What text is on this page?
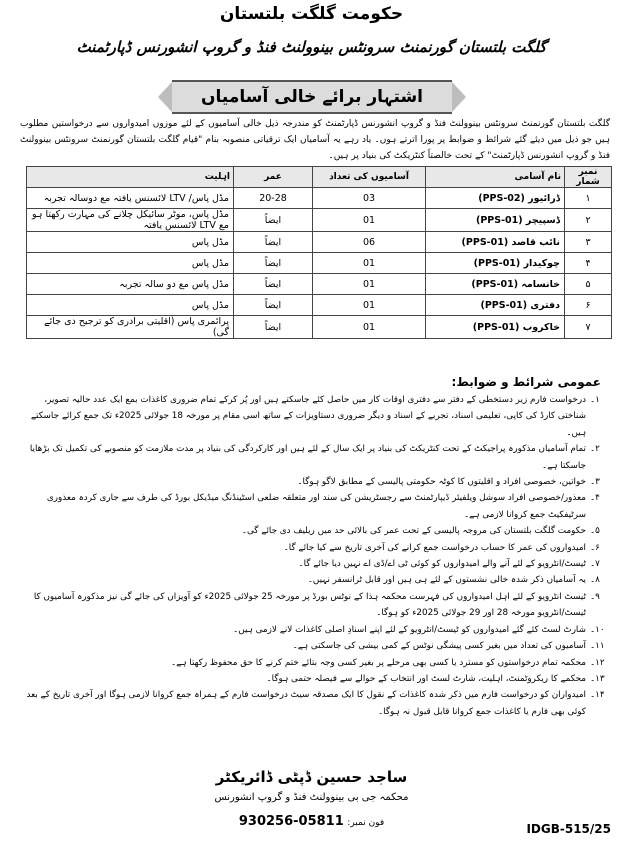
حکومت گلگت بلتستان
گلگت بلتستان گورنمنٹ سرونٹس بینوولنٹ فنڈ و گروپ انشورنس ڈپارٹمنٹ
اشتہار برائے خالی آسامیاں
گلگت بلتستان گورنمنٹ سرونٹس بینوولنٹ فنڈ و گروپ انشورنس ڈپارٹمنٹ کو مندرجہ ذیل خالی آسامیوں کے لئے موزوں امیدواروں سے درخواستیں مطلوب ہیں جو ذیل میں دیئے گئے شرائط و ضوابط پر پورا اترتے ہوں۔ یاد رہے یہ آسامیاں ایک ترقیاتی منصوبہ بنام "قیام گلگت بلتستان گورنمنٹ سرونٹس بینوولنٹ فنڈ و گروپ انشورنس ڈپارٹمنٹ" کے تحت خالصتاً کنٹریکٹ کی بنیاد پر ہیں۔
نمبر شمار	نام آسامی	آسامیوں کی تعداد	عمر	اہلیت
۱	ڈرائیور (PPS-02)	03	20-28	مڈل پاس/ LTV لائسنس یافتہ مع دوسالہ تجربہ
۲	ڈسپیچر (PPS-01)	01	ایضاً	مڈل پاس، موٹر سائیکل چلانے کی مہارت رکھتا ہو مع LTV لائسنس یافتہ
۳	نائب قاصد (PPS-01)	06	ایضاً	مڈل پاس
۴	چوکیدار (PPS-01)	01	ایضاً	مڈل پاس
۵	خانسامہ (PPS-01)	01	ایضاً	مڈل پاس مع دو سالہ تجربہ
۶	دفتری (PPS-01)	01	ایضاً	مڈل پاس
۷	خاکروب (PPS-01)	01	ایضاً	پرائمری پاس (اقلیتی برادری کو ترجیح دی جائے گی)
عمومی شرائط و ضوابط:
۱۔
درخواست فارم زیر دستخطی کے دفتر سے دفتری اوقات کار میں حاصل کئے جاسکتے ہیں اور پُر کرکے تمام ضروری کاغذات بمع ایک عدد حالیہ تصویر، شناختی کارڈ کی کاپی، تعلیمی اسناد، تجربے کے اسناد و دیگر ضروری دستاویزات کے ساتھ اسی مقام پر مورخہ 18 جولائی 2025ء تک جمع کرائے جاسکتے ہیں۔
۲۔
تمام آسامیاں مذکورہ پراجیکٹ کے تحت کنٹریکٹ کی بنیاد پر ایک سال کے لئے ہیں اور کارکردگی کی بنیاد پر مدت ملازمت کو منصوبے کی تکمیل تک بڑھایا جاسکتا ہے۔
۳۔
خواتین، خصوصی افراد و اقلیتوں کا کوٹہ حکومتی پالیسی کے مطابق لاگو ہوگا۔
۴۔
معذور/خصوصی افراد سوشل ویلفیئر ڈیپارٹمنٹ سے رجسٹریشن کی سند اور متعلقہ ضلعی اسٹینڈنگ میڈیکل بورڈ کی طرف سے جاری کردہ معذوری سرٹیفکیٹ جمع کروانا لازمی ہے۔
۵۔
حکومت گلگت بلتستان کی مروجہ پالیسی کے تحت عمر کی بالائی حد میں ریلیف دی جائے گی۔
۶۔
امیدواروں کی عمر کا حساب درخواست جمع کرانے کی آخری تاریخ سے کیا جائے گا۔
۷۔
ٹیسٹ/انٹرویو کے لئے آنے والے امیدواروں کو کوئی ٹی اے/ڈی اے نہیں دیا جائے گا۔
۸۔
یہ آسامیاں ذکر شدہ خالی نشستوں کے لئے ہی ہیں اور قابل ٹرانسفر نہیں۔
۹۔
ٹیسٹ انٹرویو کے لئے اہل امیدواروں کی فہرست محکمہ ہذا کے نوٹس بورڈ پر مورخہ 25 جولائی 2025ء کو آویزاں کی جائے گی نیز مذکورہ آسامیوں کا ٹیسٹ/انٹرویو مورخہ 28 اور 29 جولائی 2025ء کو ہوگا۔
۱۰۔
شارٹ لسٹ کئے گئے امیدواروں کو ٹیسٹ/انٹرویو کے لئے اپنے اسنادِ اصلی کاغذات لانے لازمی ہیں۔
۱۱۔
آسامیوں کی تعداد میں بغیر کسی پیشگی نوٹس کے کمی بیشی کی جاسکتی ہے۔
۱۲۔
محکمہ تمام درخواستوں کو مسترد یا کسی بھی مرحلے پر بغیر کسی وجہ بتائے ختم کرنے کا حق محفوظ رکھتا ہے۔
۱۳۔
محکمے کا ریکروٹمنٹ، اہلیت، شارٹ لسٹ اور انتخاب کے حوالے سے فیصلہ حتمی ہوگا۔
۱۴۔
امیدواران کو درخواست فارم میں ذکر شدہ کاغذات کے نقول کا ایک مصدقہ سیٹ درخواست فارم کے ہمراہ جمع کروانا لازمی ہوگا اور آخری تاریخ کے بعد کوئی بھی فارم یا کاغذات جمع کروانا قابل قبول نہ ہوگا۔
ساجد حسین ڈپٹی ڈائریکٹر
محکمہ جی بی بینوولنٹ فنڈ و گروپ انشورنس
فون نمبر: 05811-930256	IDGB-515/25
